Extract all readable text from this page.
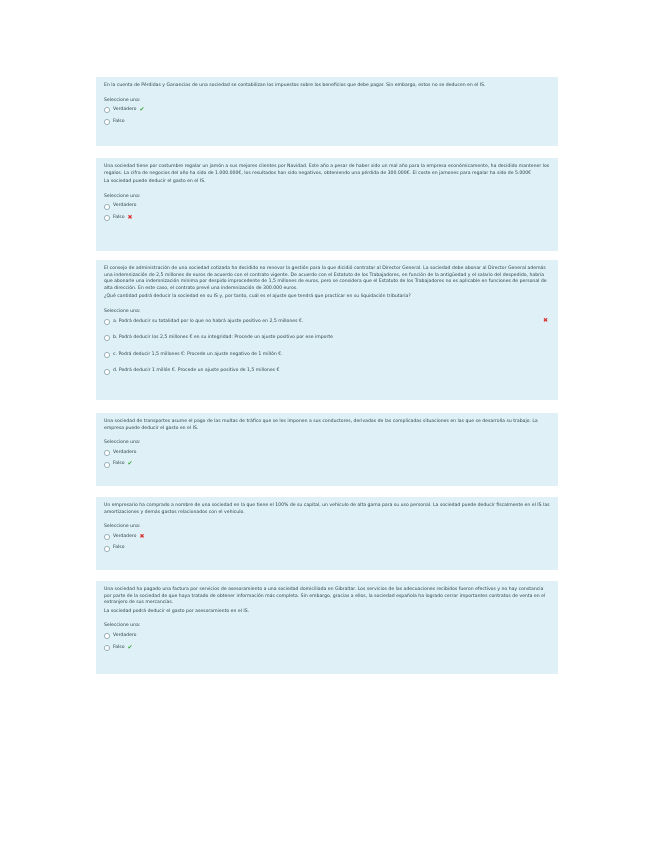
En la cuenta de Pérdidas y Ganancias de una sociedad se contabilizan los impuestos sobre los beneficios que debe pagar. Sin embargo, estos no se deducen en el IS.
Seleccione una:
Verdadero ✔
Falso
Una sociedad tiene por costumbre regalar un jamón a sus mejores clientes por Navidad. Este año a pesar de haber sido un mal año para la empresa económicamente, ha decidido mantener los regalos. La cifra de negocios del año ha sido de 1.000.000€, los resultados han sido negativos, obteniendo una pérdida de 300.000€. El coste en jamones para regalar ha sido de 5.000€
La sociedad puede deducir el gasto en el IS.
Seleccione una:
Verdadero
Falso ✖
El consejo de administración de una sociedad cotizada ha decidido no renovar la gestión para la que dicidió contratar al Director General. La sociedad debe abonar al Director General además una indemnización de 2,5 millones de euros de acuerdo con el contrato vigente. De acuerdo con el Estatuto de los Trabajadores, en función de la antigüedad y el salario del despedido, habría que abonarle una indemnización mínima por despido improcedente de 1,5 millones de euros, pero se considera que el Estatuto de los Trabajadores no es aplicable en funciones de personal de alta dirección. En este caso, el contrato prevé una indemnización de 300.000 euros.
¿Qué cantidad podrá deducir la sociedad en su IS y, por tanto, cuál es el ajuste que tendrá que practicar en su liquidación tributaria?
Seleccione una:
a. Podrá deducir su totalidad por lo que no habrá ajuste positivo en 2,5 millones €.	✖
b. Podrá deducir los 2,5 millones € en su integridad: Procede un ajuste positivo por ese importe
c. Podrá deducir 1,5 millones €: Procede un ajuste negativo de 1 millón €.
d. Podrá deducir 1 millón €. Procede un ajuste positivo de 1,5 millones €
Una sociedad de transportes asume el pago de las multas de tráfico que se les imponen a sus conductores, derivadas de las complicadas situaciones en las que se desarrolla su trabajo. La empresa puede deducir el gasto en el IS.
Seleccione una:
Verdadero
Falso ✔
Un empresario ha comprado a nombre de una sociedad en la que tiene el 100% de su capital, un vehículo de alta gama para su uso personal. La sociedad puede deducir fiscalmente en el IS las amortizaciones y demás gastos relacionados con el vehículo.
Seleccione una:
Verdadero ✖
Falso
Una sociedad ha pagado una factura por servicios de asesoramiento a una sociedad domiciliada en Gibraltar. Los servicios de las adecuaciones recibidos fueron efectivos y no hay constancia por parte de la sociedad de que haya tratado de obtener información más completa. Sin embargo, gracias a ellos, la sociedad española ha logrado cerrar importantes contratos de venta en el extranjero de sus mercancías.
La sociedad podrá deducir el gasto por asesoramiento en el IS.
Seleccione una:
Verdadero
Falso ✔
